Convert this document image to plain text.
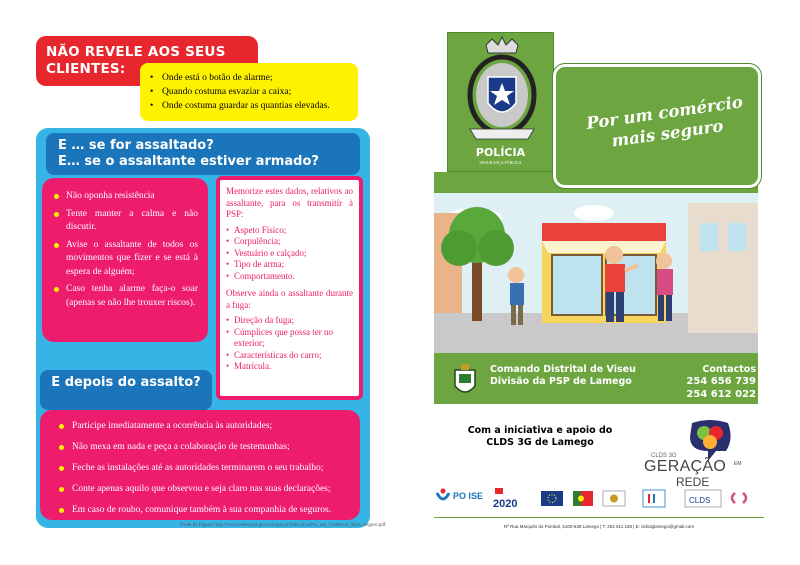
NÃO REVELE AOS SEUS CLIENTES:
• Onde está o botão de alarme;
• Quando costuma esvaziar a caixa;
• Onde costuma guardar as quantias elevadas.
E … se for assaltado?
E… se o assaltante estiver armado?
Não oponha resistência
Tente manter a calma e não discutir.
Avise o assaltante de todos os movimentos que fizer e se está à espera de alguém;
Caso tenha alarme faça-o soar (apenas se não lhe trouxer riscos).

Memorize estes dados, relativos ao assaltante, para os transmitir à PSP:

• Aspeto Físico;
• Corpulência;
• Vestuário e calçado;
• Tipo de arma;
• Comportamento.

Observe ainda o assaltante durante a fuga:

• Direção da fuga;
• Cúmplices que possa ter no exterior;
• Características do carro;
• Matrícula.
E depois do assalto?
Participe imediatamente a ocorrência às autoridades;
Não mexa em nada e peça a colaboração de testemunhas;
Feche as instalações até as autoridades terminarem o seu trabalho;
Conte apenas aquilo que observou e seja claro nas suas declarações;
Em caso de roubo, comunique também à sua companhia de seguros.
Fonte da Figura: http://www.comsta.pt.gov.br/espaços/SiteCaixa/Por_um_Comercio_Mais_Seguro.pdf
POLÍCIA
SEGURANÇA PÚBLICA
Por um comércio mais seguro
Comando Distrital de Viseu
Divisão da PSP de Lamego
Contactos
254 656 739
254 612 022
Com a iniciativa e apoio do
CLDS 3G de Lamego
CLDS 3G
GERAÇÃO	EM
REDE
PO ISE
2020	CLDS
Rª Rua Marquês do Pombal, 5100-638 Lamego | T: 254 611 188 | E: clds3glamego@gmail.com
